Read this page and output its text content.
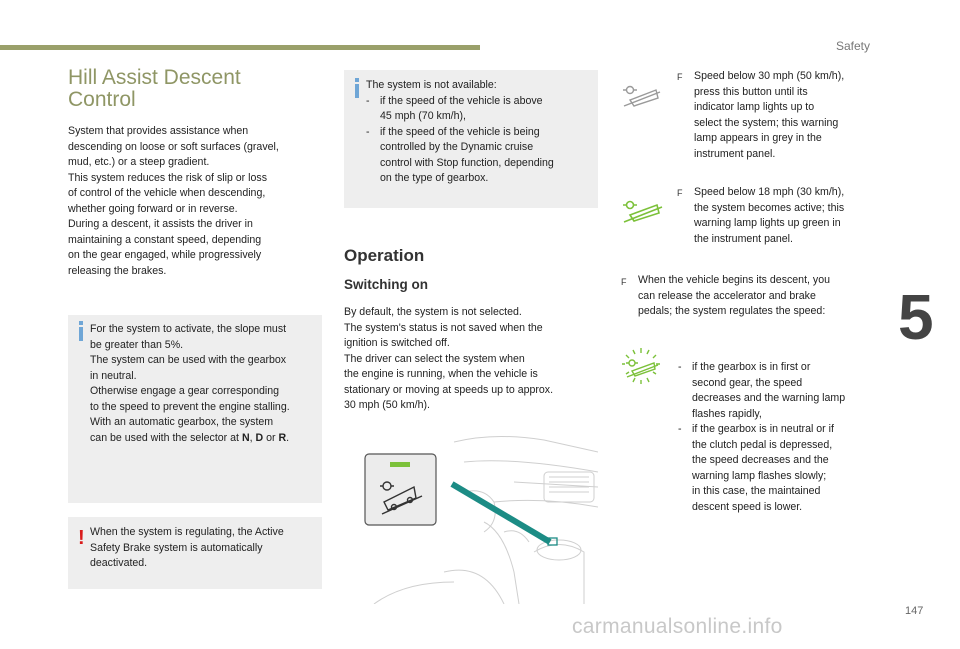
Safety
5
147
carmanualsonline.info
Hill Assist Descent Control
System that provides assistance when
descending on loose or soft surfaces (gravel,
mud, etc.) or a steep gradient.
This system reduces the risk of slip or loss
of control of the vehicle when descending,
whether going forward or in reverse.
During a descent, it assists the driver in
maintaining a constant speed, depending
on the gear engaged, while progressively
releasing the brakes.
For the system to activate, the slope must
be greater than 5%.
The system can be used with the gearbox
in neutral.
Otherwise engage a gear corresponding
to the speed to prevent the engine stalling.
With an automatic gearbox, the system
can be used with the selector at N, D or R.
! When the system is regulating, the Active
Safety Brake system is automatically
deactivated.
The system is not available:
- if the speed of the vehicle is above
45 mph (70 km/h),
- if the speed of the vehicle is being
controlled by the Dynamic cruise
control with Stop function, depending
on the type of gearbox.
Operation
Switching on
By default, the system is not selected.
The system's status is not saved when the
ignition is switched off.
The driver can select the system when
the engine is running, when the vehicle is
stationary or moving at speeds up to approx.
30 mph (50 km/h).
F Speed below 30 mph (50 km/h),
press this button until its
indicator lamp lights up to
select the system; this warning
lamp appears in grey in the
instrument panel.
F Speed below 18 mph (30 km/h),
the system becomes active; this
warning lamp lights up green in
the instrument panel.
F When the vehicle begins its descent, you
can release the accelerator and brake
pedals; the system regulates the speed:
- if the gearbox is in first or
second gear, the speed
decreases and the warning lamp
flashes rapidly,
- if the gearbox is in neutral or if
the clutch pedal is depressed,
the speed decreases and the
warning lamp flashes slowly;
in this case, the maintained
descent speed is lower.
